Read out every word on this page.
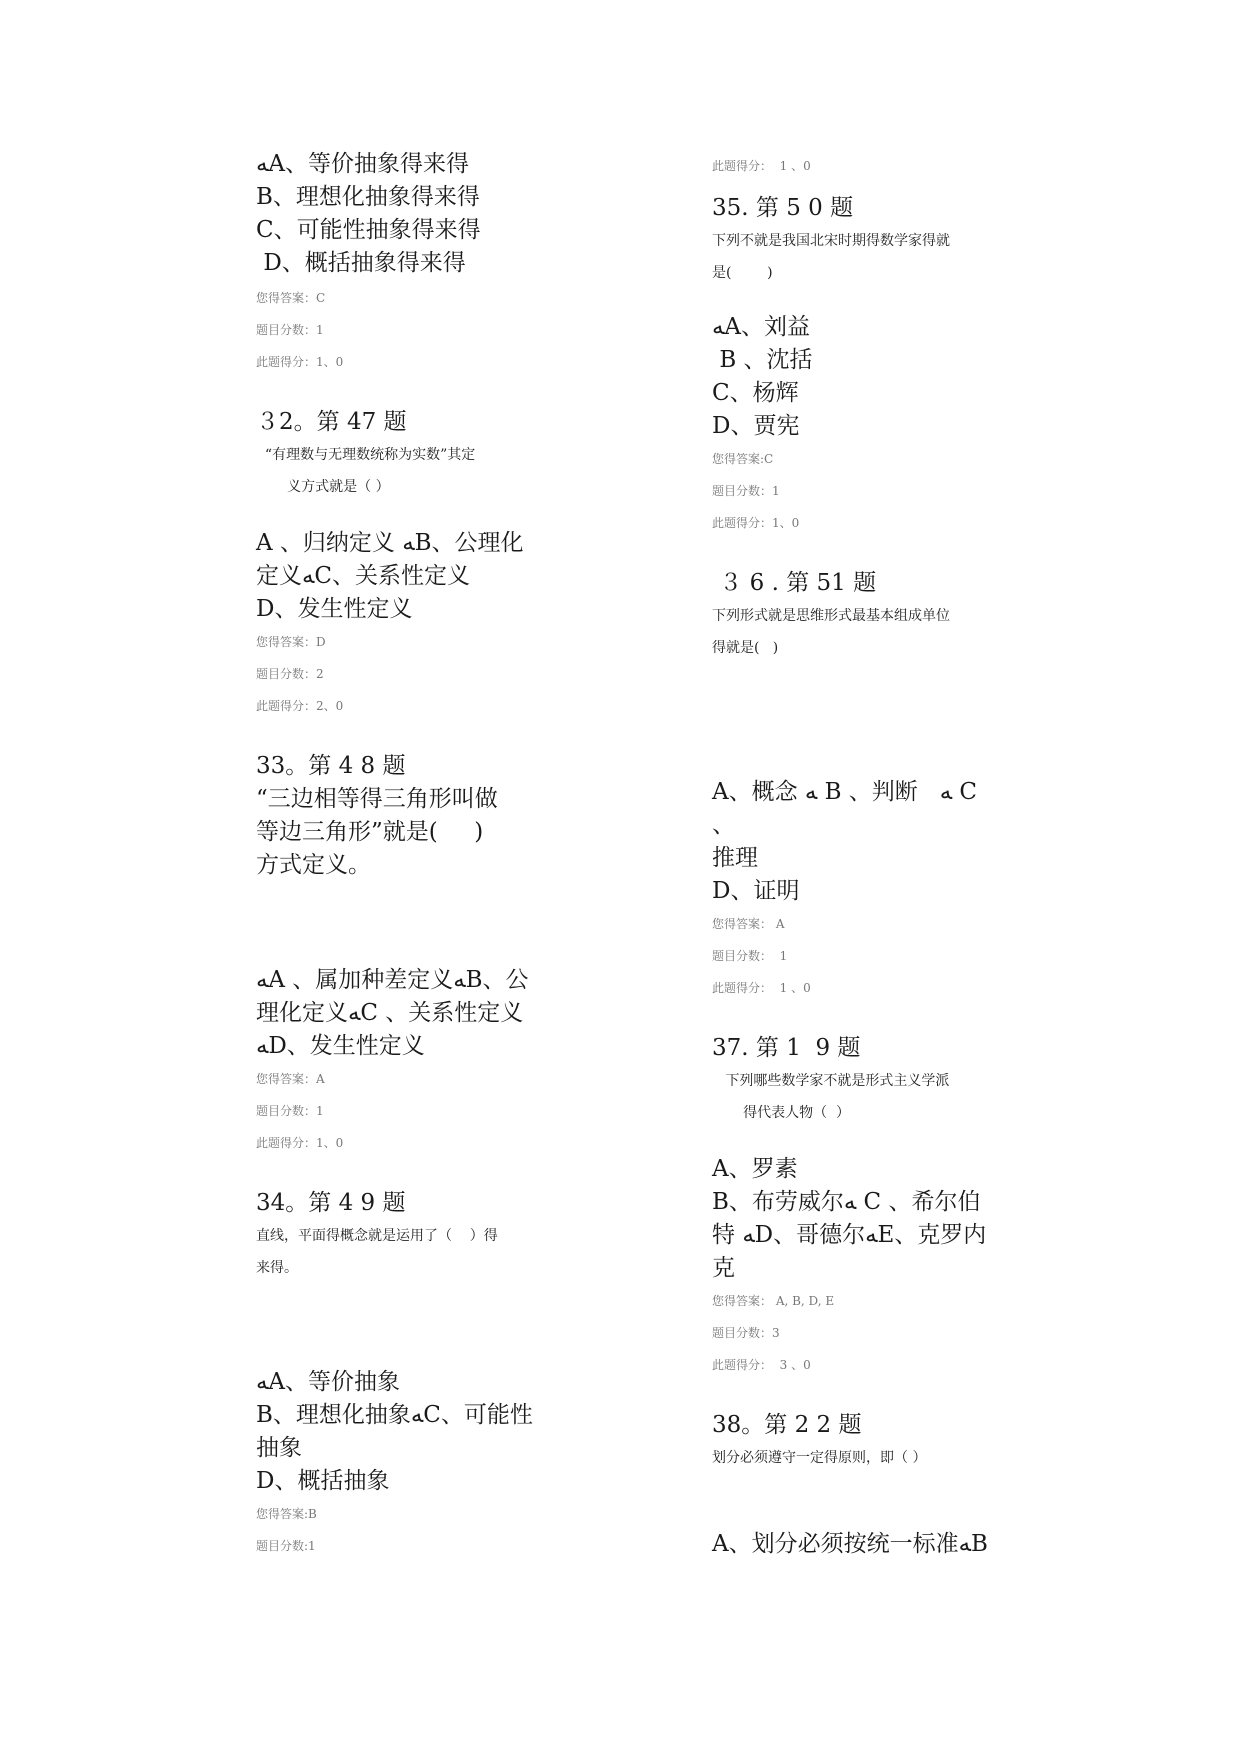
ﻪA、等价抽象得来得

B、理想化抽象得来得

C、可能性抽象得来得

D、概括抽象得来得

您得答案：C

题目分数：1

此题得分：1、0

３2。第 47 题

“有理数与无理数统称为实数”其定

义方式就是（ ）

A 、归纳定义 ﻪB、公理化

定义ﻪC、关系性定义

D、发生性定义

您得答案：D

题目分数：2

此题得分：2、0

33。第 4 8 题

“三边相等得三角形叫做

等边三角形”就是(     )

方式定义。

ﻪA 、属加种差定义ﻪB、公

理化定义ﻪC 、关系性定义

ﻪD、发生性定义

您得答案：A

题目分数：1

此题得分：1、0

34。第 4 9 题

直线，平面得概念就是运用了（    ）得

来得。

ﻪA、等价抽象

B、理想化抽象ﻪC、可能性

抽象

D、概括抽象

您得答案:B

题目分数:1

此题得分：  1 、0

35. 第 5 0 题

下列不就是我国北宋时期得数学家得就

是(        )

ﻪA、刘益

B 、沈括

C、杨辉

D、贾宪

您得答案:C

题目分数：1

此题得分：1、0

３ 6 . 第 51 题

下列形式就是思维形式最基本组成单位

得就是(   )

A、概念 ﻪ B 、判断   ﻪ C 、

推理

D、证明

您得答案： A

题目分数：  1

此题得分：  1 、0

37. 第 1  9 题

下列哪些数学家不就是形式主义学派

得代表人物（  ）

A、罗素

B、布劳威尔ﻪ C 、希尔伯

特 ﻪD、哥德尔ﻪE、克罗内

克

您得答案： A, B, D, E

题目分数：3

此题得分：  3 、0

38。第 2 2 题

划分必须遵守一定得原则，即（ ）

A、划分必须按统一标准ﻪB
